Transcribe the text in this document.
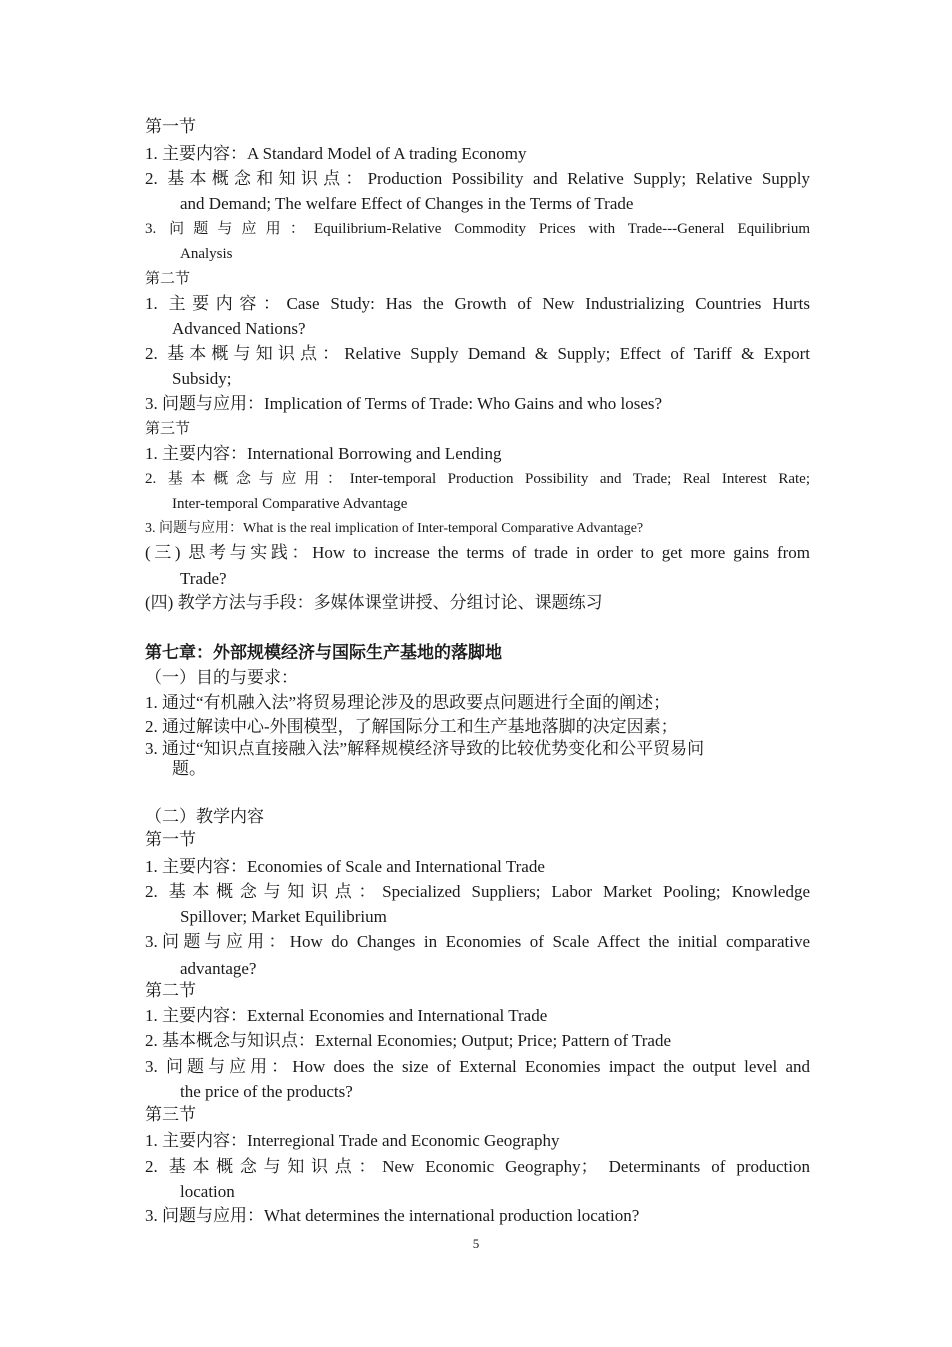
第一节
1. 主要内容：A Standard Model of A trading Economy
2. 基本概念和知识点：Production Possibility and Relative Supply; Relative Supply
and Demand; The welfare Effect of Changes in the Terms of Trade
3. 问题与应用：Equilibrium-Relative Commodity Prices with Trade---General Equilibrium
Analysis
第二节
1. 主要内容：Case Study: Has the Growth of New Industrializing Countries Hurts
Advanced Nations?
2. 基本概与知识点：Relative Supply Demand & Supply; Effect of Tariff & Export
Subsidy;
3. 问题与应用：Implication of Terms of Trade: Who Gains and who loses?
第三节
1. 主要内容：International Borrowing and Lending
2. 基本概念与应用：Inter-temporal Production Possibility and Trade; Real Interest Rate;
Inter-temporal Comparative Advantage
3. 问题与应用：What is the real implication of Inter-temporal Comparative Advantage?
(三) 思考与实践：How to increase the terms of trade in order to get more gains from
Trade?
(四) 教学方法与手段：多媒体课堂讲授、分组讨论、课题练习
第七章：外部规模经济与国际生产基地的落脚地
（一）目的与要求：
1. 通过“有机融入法”将贸易理论涉及的思政要点问题进行全面的阐述；
2. 通过解读中心-外围模型，了解国际分工和生产基地落脚的决定因素；
3. 通过“知识点直接融入法”解释规模经济导致的比较优势变化和公平贸易问
题。
（二）教学内容
第一节
1. 主要内容：Economies of Scale and International Trade
2. 基本概念与知识点：Specialized Suppliers; Labor Market Pooling; Knowledge
Spillover; Market Equilibrium
3.问题与应用：How do Changes in Economies of Scale Affect the initial comparative
advantage?
第二节
1. 主要内容：External Economies and International Trade
2. 基本概念与知识点：External Economies; Output; Price; Pattern of Trade
3. 问题与应用：How does the size of External Economies impact the output level and
the price of the products?
第三节
1. 主要内容：Interregional Trade and Economic Geography
2. 基本概念与知识点：New Economic Geography； Determinants of production
location
3. 问题与应用：What determines the international production location?
5
